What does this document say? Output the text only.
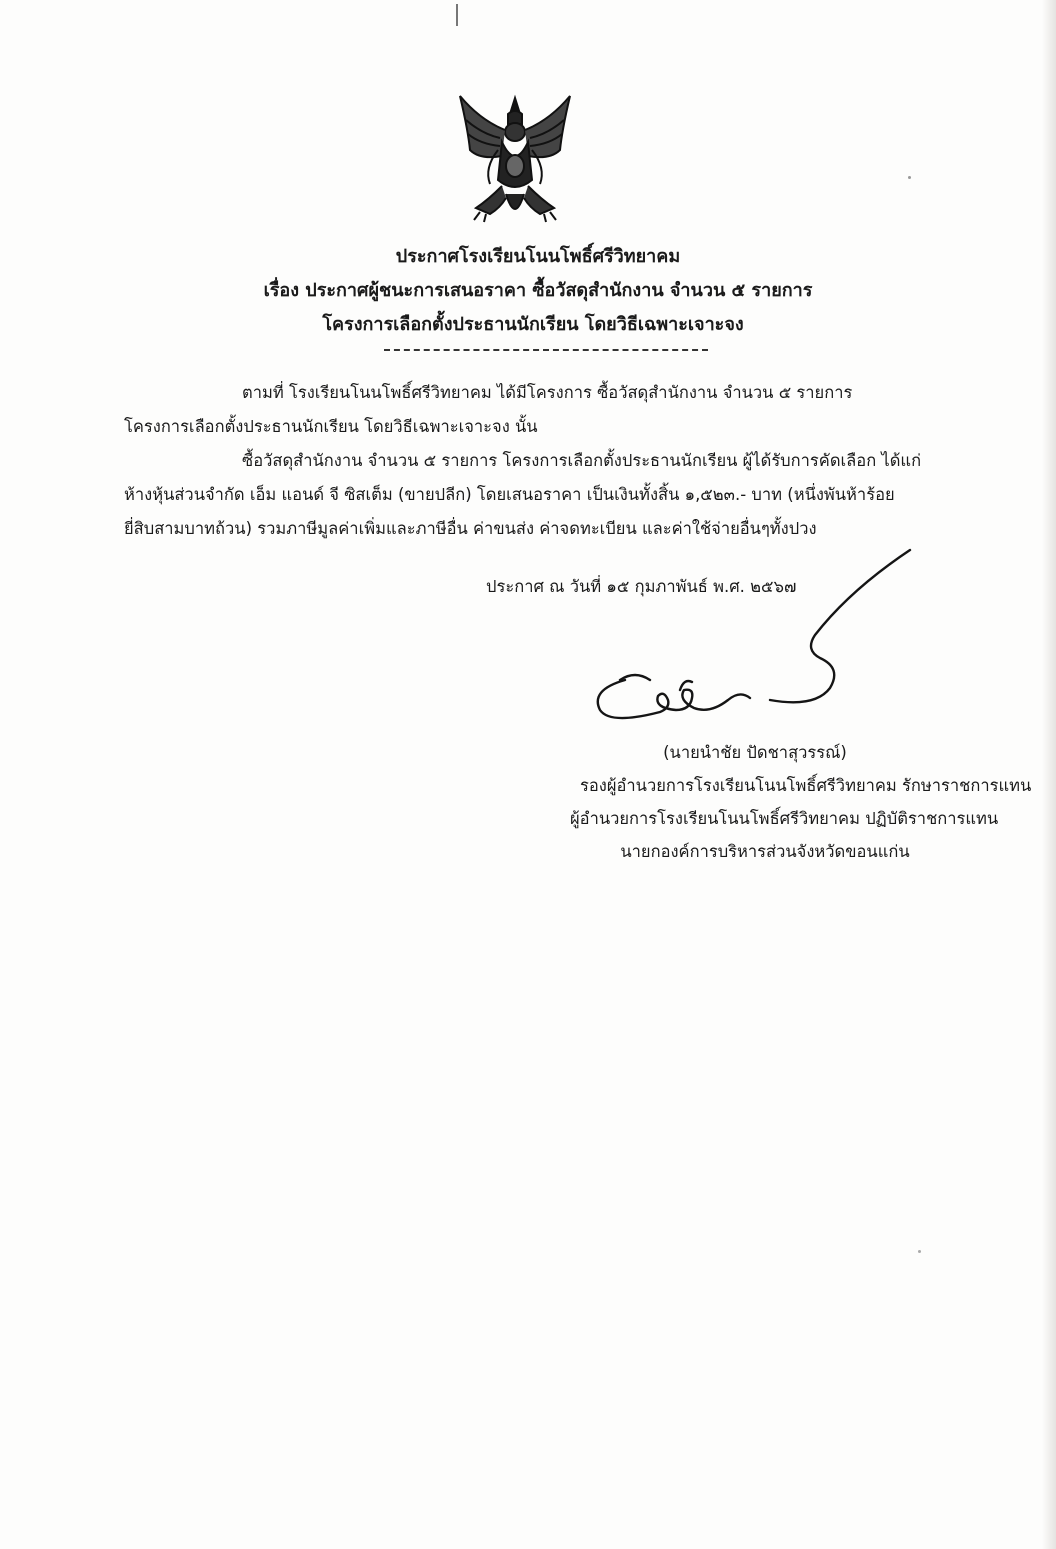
ประกาศโรงเรียนโนนโพธิ์ศรีวิทยาคม
เรื่อง ประกาศผู้ชนะการเสนอราคา ซื้อวัสดุสำนักงาน จำนวน ๕ รายการ
โครงการเลือกตั้งประธานนักเรียน โดยวิธีเฉพาะเจาะจง
ตามที่ โรงเรียนโนนโพธิ์ศรีวิทยาคม ได้มีโครงการ ซื้อวัสดุสำนักงาน จำนวน ๕ รายการ
โครงการเลือกตั้งประธานนักเรียน โดยวิธีเฉพาะเจาะจง นั้น
ซื้อวัสดุสำนักงาน จำนวน ๕ รายการ โครงการเลือกตั้งประธานนักเรียน ผู้ได้รับการคัดเลือก ได้แก่
ห้างหุ้นส่วนจำกัด เอ็ม แอนด์ จี ซิสเต็ม (ขายปลีก) โดยเสนอราคา เป็นเงินทั้งสิ้น ๑,๕๒๓.- บาท (หนึ่งพันห้าร้อย
ยี่สิบสามบาทถ้วน) รวมภาษีมูลค่าเพิ่มและภาษีอื่น ค่าขนส่ง ค่าจดทะเบียน และค่าใช้จ่ายอื่นๆทั้งปวง
ประกาศ ณ วันที่ ๑๕ กุมภาพันธ์ พ.ศ. ๒๕๖๗
(นายนำชัย ปัดชาสุวรรณ์)
รองผู้อำนวยการโรงเรียนโนนโพธิ์ศรีวิทยาคม รักษาราชการแทน
ผู้อำนวยการโรงเรียนโนนโพธิ์ศรีวิทยาคม ปฏิบัติราชการแทน
นายกองค์การบริหารส่วนจังหวัดขอนแก่น
